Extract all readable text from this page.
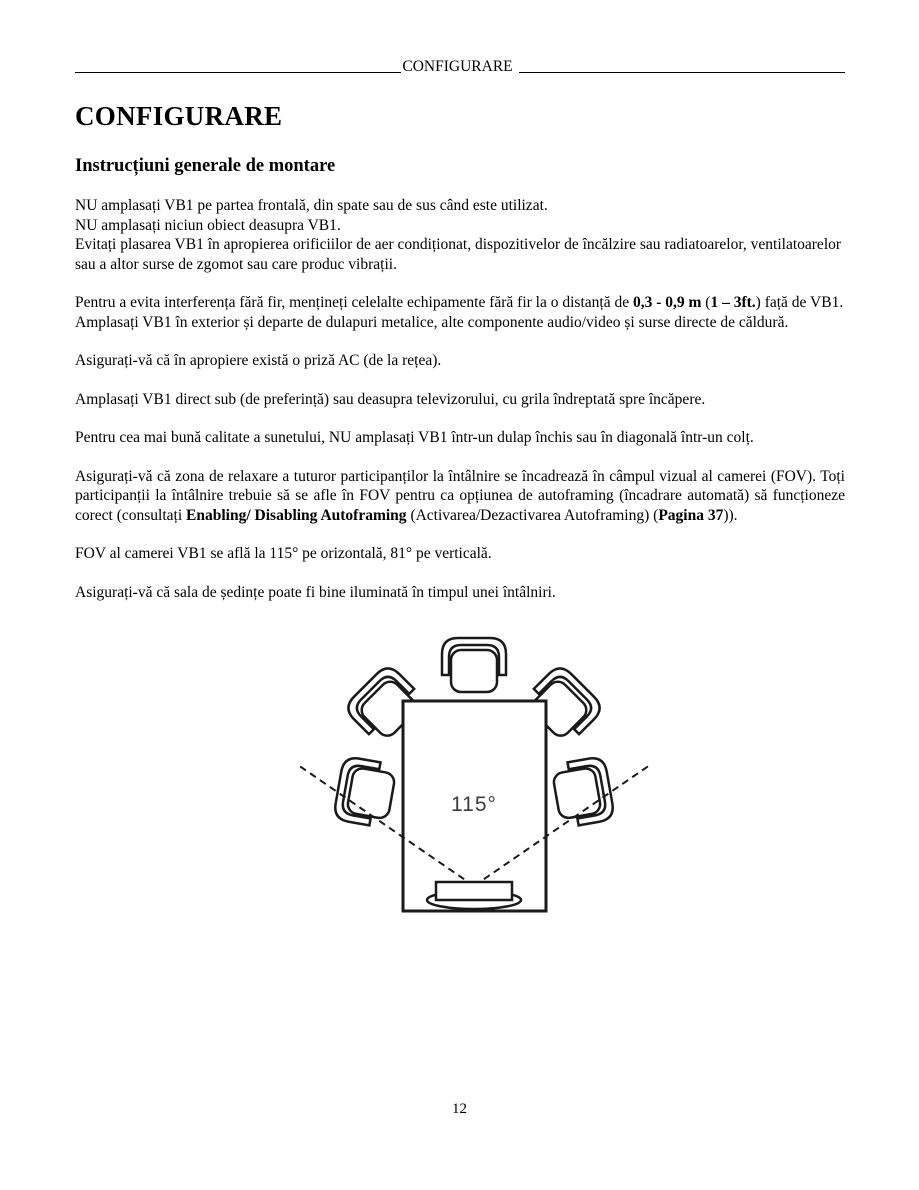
CONFIGURARE
CONFIGURARE
Instrucțiuni generale de montare
NU amplasați VB1 pe partea frontală, din spate sau de sus când este utilizat.
NU amplasați niciun obiect deasupra VB1.
Evitați plasarea VB1 în apropierea orificiilor de aer condiționat, dispozitivelor de încălzire sau radiatoarelor, ventilatoarelor sau a altor surse de zgomot sau care produc vibrații.
Pentru a evita interferența fără fir, mențineți celelalte echipamente fără fir la o distanță de 0,3 - 0,9 m (1 – 3ft.) față de VB1. Amplasați VB1 în exterior și departe de dulapuri metalice, alte componente audio/video și surse directe de căldură.
Asigurați-vă că în apropiere există o priză AC (de la rețea).
Amplasați VB1 direct sub (de preferință) sau deasupra televizorului, cu grila îndreptată spre încăpere.
Pentru cea mai bună calitate a sunetului, NU amplasați VB1 într-un dulap închis sau în diagonală într-un colț.
Asigurați-vă că zona de relaxare a tuturor participanților la întâlnire se încadrează în câmpul vizual al camerei (FOV). Toți participanții la întâlnire trebuie să se afle în FOV pentru ca opțiunea de autoframing (încadrare automată) să funcționeze corect (consultați Enabling/ Disabling Autoframing (Activarea/Dezactivarea Autoframing) (Pagina 37)).
FOV al camerei VB1 se află la 115° pe orizontală, 81° pe verticală.
Asigurați-vă că sala de ședințe poate fi bine iluminată în timpul unei întâlniri.
115°
12
